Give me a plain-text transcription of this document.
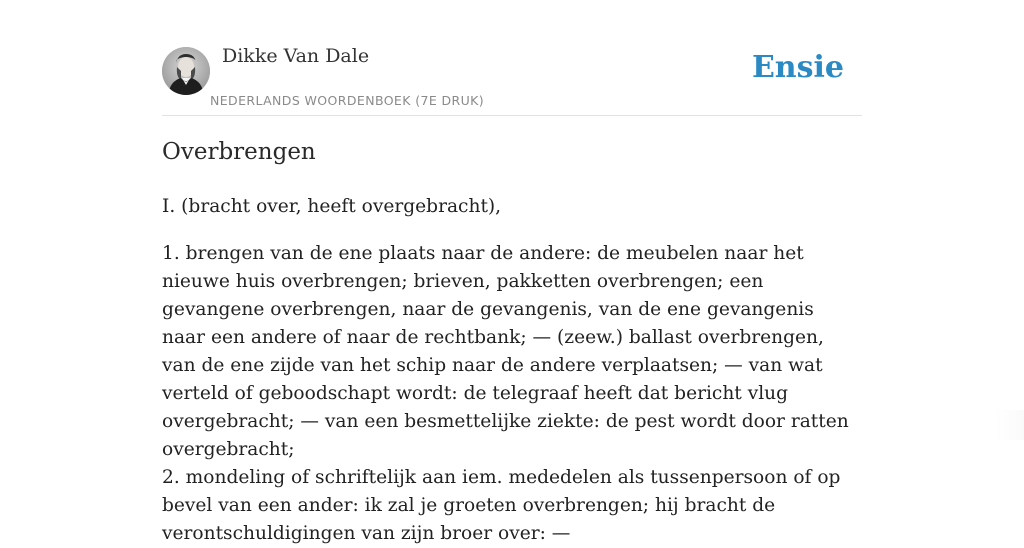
Dikke Van Dale
NEDERLANDS WOORDENBOEK (7E DRUK)
Ensie
Overbrengen

I. (bracht over, heeft overgebracht),

1. brengen van de ene plaats naar de andere: de meubelen naar het nieuwe huis overbrengen; brieven, pakketten overbrengen; een gevangene overbrengen, naar de gevangenis, van de ene gevangenis naar een andere of naar de rechtbank; — (zeew.) ballast overbrengen, van de ene zijde van het schip naar de andere verplaatsen; — van wat verteld of geboodschapt wordt: de telegraaf heeft dat bericht vlug overgebracht; — van een besmettelijke ziekte: de pest wordt door ratten overgebracht;

2. mondeling of schriftelijk aan iem. mededelen als tussenpersoon of op bevel van een ander: ik zal je groeten overbrengen; hij bracht de verontschuldigingen van zijn broer over: —
